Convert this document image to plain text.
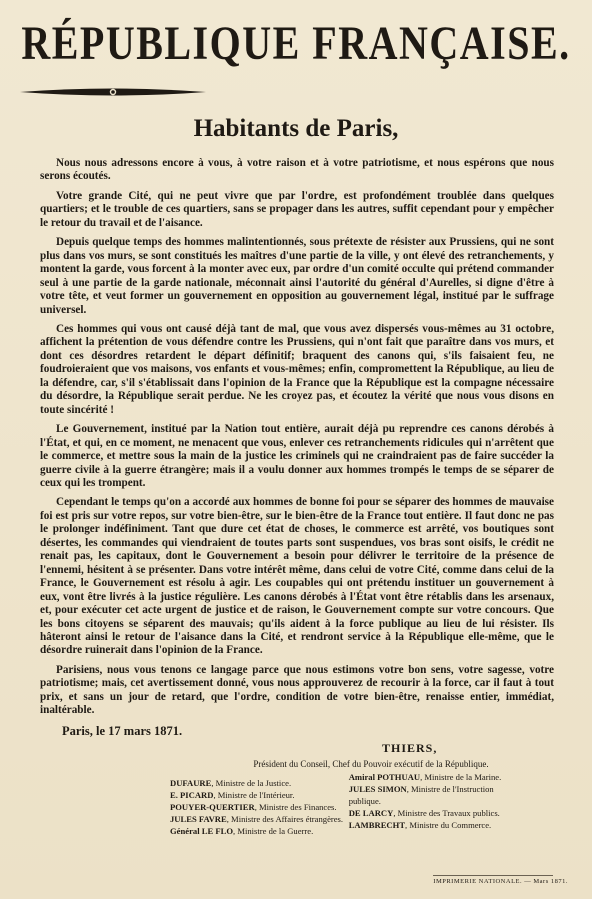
RÉPUBLIQUE FRANÇAISE.
Habitants de Paris,

Nous nous adressons encore à vous, à votre raison et à votre patriotisme, et nous espérons que nous serons écoutés.

Votre grande Cité, qui ne peut vivre que par l'ordre, est profondément troublée dans quelques quartiers; et le trouble de ces quartiers, sans se propager dans les autres, suffit cependant pour y empêcher le retour du travail et de l'aisance.

Depuis quelque temps des hommes malintentionnés, sous prétexte de résister aux Prussiens, qui ne sont plus dans vos murs, se sont constitués les maîtres d'une partie de la ville, y ont élevé des retranchements, y montent la garde, vous forcent à la monter avec eux, par ordre d'un comité occulte qui prétend commander seul à une partie de la garde nationale, méconnait ainsi l'autorité du général d'Aurelles, si digne d'être à votre tête, et veut former un gouvernement en opposition au gouvernement légal, institué par le suffrage universel.

Ces hommes qui vous ont causé déjà tant de mal, que vous avez dispersés vous-mêmes au 31 octobre, affichent la prétention de vous défendre contre les Prussiens, qui n'ont fait que paraître dans vos murs, et dont ces désordres retardent le départ définitif; braquent des canons qui, s'ils faisaient feu, ne foudroieraient que vos maisons, vos enfants et vous-mêmes; enfin, compromettent la République, au lieu de la défendre, car, s'il s'établissait dans l'opinion de la France que la République est la compagne nécessaire du désordre, la République serait perdue. Ne les croyez pas, et écoutez la vérité que nous vous disons en toute sincérité !

Le Gouvernement, institué par la Nation tout entière, aurait déjà pu reprendre ces canons dérobés à l'État, et qui, en ce moment, ne menacent que vous, enlever ces retranchements ridicules qui n'arrêtent que le commerce, et mettre sous la main de la justice les criminels qui ne craindraient pas de faire succéder la guerre civile à la guerre étrangère; mais il a voulu donner aux hommes trompés le temps de se séparer de ceux qui les trompent.

Cependant le temps qu'on a accordé aux hommes de bonne foi pour se séparer des hommes de mauvaise foi est pris sur votre repos, sur votre bien-être, sur le bien-être de la France tout entière. Il faut donc ne pas le prolonger indéfiniment. Tant que dure cet état de choses, le commerce est arrêté, vos boutiques sont désertes, les commandes qui viendraient de toutes parts sont suspendues, vos bras sont oisifs, le crédit ne renait pas, les capitaux, dont le Gouvernement a besoin pour délivrer le territoire de la présence de l'ennemi, hésitent à se présenter. Dans votre intérêt même, dans celui de votre Cité, comme dans celui de la France, le Gouvernement est résolu à agir. Les coupables qui ont prétendu instituer un gouvernement à eux, vont être livrés à la justice régulière. Les canons dérobés à l'État vont être rétablis dans les arsenaux, et, pour exécuter cet acte urgent de justice et de raison, le Gouvernement compte sur votre concours. Que les bons citoyens se séparent des mauvais; qu'ils aident à la force publique au lieu de lui résister. Ils hâteront ainsi le retour de l'aisance dans la Cité, et rendront service à la République elle-même, que le désordre ruinerait dans l'opinion de la France.

Parisiens, nous vous tenons ce langage parce que nous estimons votre bon sens, votre sagesse, votre patriotisme; mais, cet avertissement donné, vous nous approuverez de recourir à la force, car il faut à tout prix, et sans un jour de retard, que l'ordre, condition de votre bien-être, renaisse entier, immédiat, inaltérable.

Paris, le 17 mars 1871.
THIERS,
Président du Conseil, Chef du Pouvoir exécutif de la République.
DUFAURE, Ministre de la Justice.
E. PICARD, Ministre de l'Intérieur.
POUYER-QUERTIER, Ministre des Finances.
JULES FAVRE, Ministre des Affaires étrangères.
Général LE FLO, Ministre de la Guerre.
Amiral POTHUAU, Ministre de la Marine.
JULES SIMON, Ministre de l'Instruction publique.
DE LARCY, Ministre des Travaux publics.
LAMBRECHT, Ministre du Commerce.
IMPRIMERIE NATIONALE. — Mars 1871.
